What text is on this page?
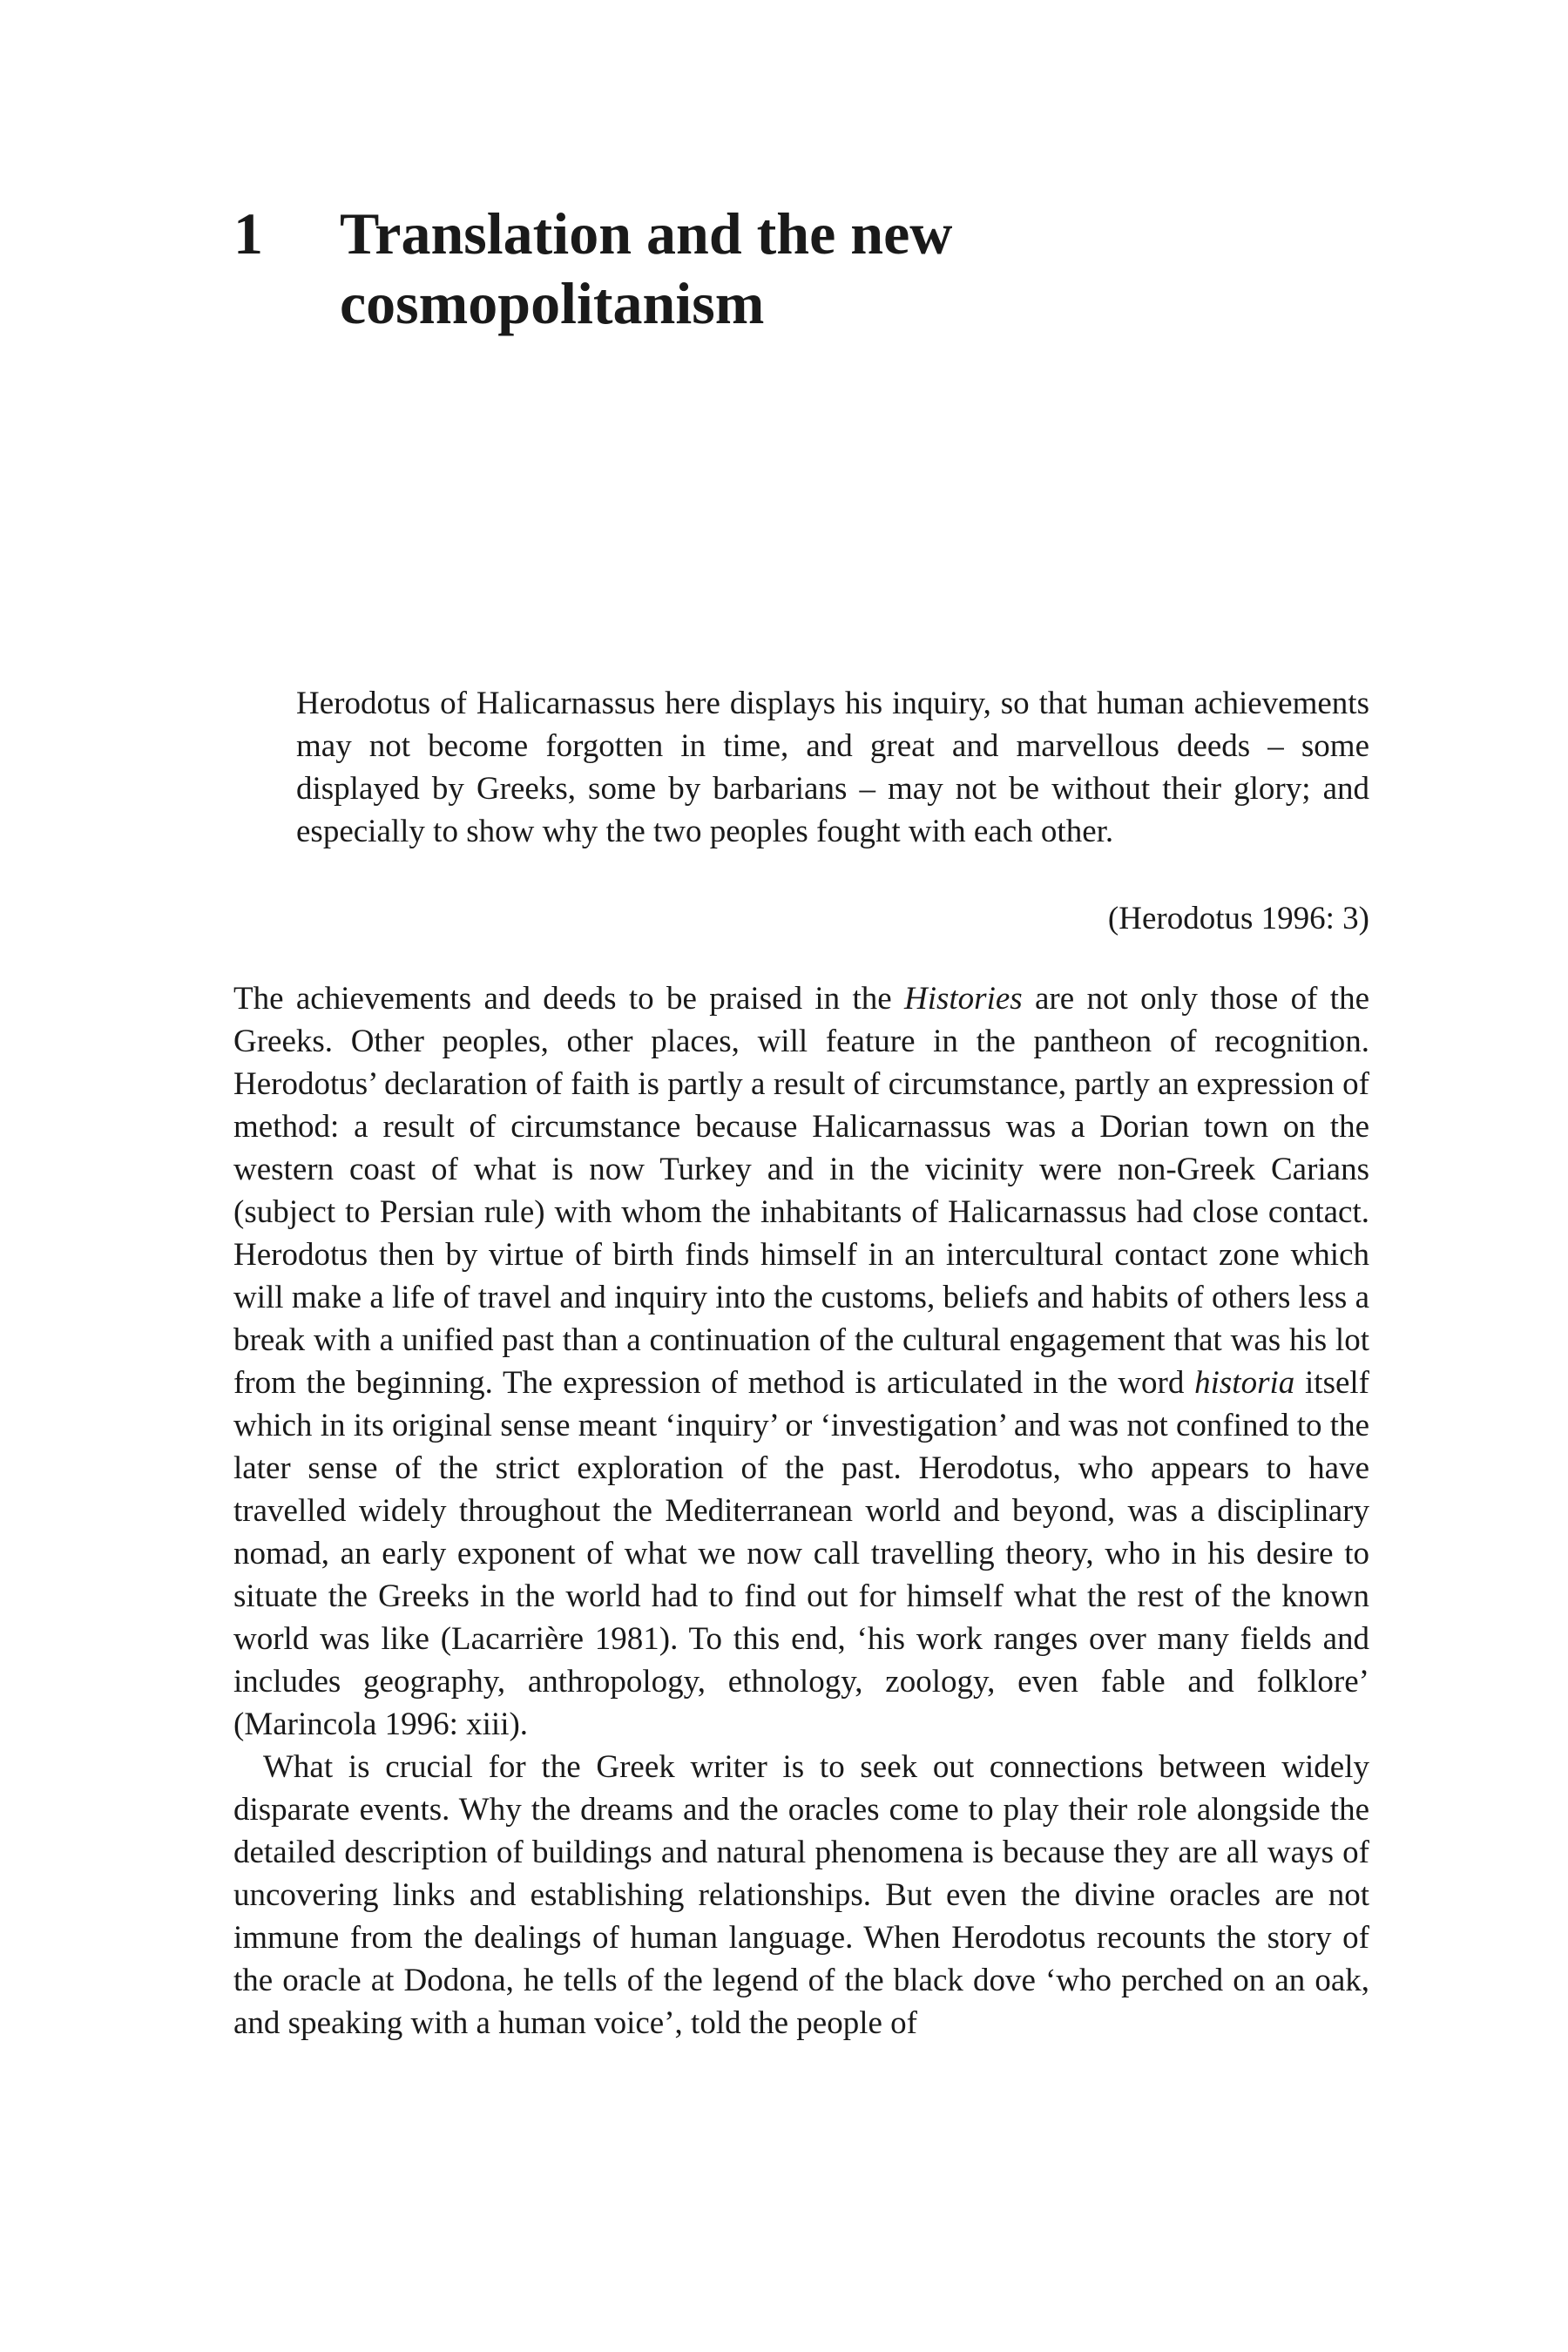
1	Translation and the new
cosmopolitanism
Herodotus of Halicarnassus here displays his inquiry, so that human achievements may not become forgotten in time, and great and marvellous deeds – some displayed by Greeks, some by barbarians – may not be without their glory; and especially to show why the two peoples fought with each other.
(Herodotus 1996: 3)

The achievements and deeds to be praised in the Histories are not only those of the Greeks. Other peoples, other places, will feature in the pantheon of recognition. Herodotus’ declaration of faith is partly a result of circumstance, partly an expression of method: a result of circumstance because Halicarnassus was a Dorian town on the western coast of what is now Turkey and in the vicinity were non-Greek Carians (subject to Persian rule) with whom the inhabitants of Halicarnassus had close contact. Herodotus then by virtue of birth finds himself in an intercultural contact zone which will make a life of travel and inquiry into the customs, beliefs and habits of others less a break with a unified past than a continuation of the cultural engagement that was his lot from the beginning. The expression of method is articulated in the word historia itself which in its original sense meant ‘inquiry’ or ‘investigation’ and was not confined to the later sense of the strict exploration of the past. Herodotus, who appears to have travelled widely throughout the Mediterranean world and beyond, was a disciplinary nomad, an early exponent of what we now call travelling theory, who in his desire to situate the Greeks in the world had to find out for himself what the rest of the known world was like (Lacarrière 1981). To this end, ‘his work ranges over many fields and includes geography, anthropology, ethnology, zoology, even fable and folklore’ (Marincola 1996: xiii).

What is crucial for the Greek writer is to seek out connections between widely disparate events. Why the dreams and the oracles come to play their role alongside the detailed description of buildings and natural phenomena is because they are all ways of uncovering links and establishing relationships. But even the divine oracles are not immune from the dealings of human language. When Herodotus recounts the story of the oracle at Dodona, he tells of the legend of the black dove ‘who perched on an oak, and speaking with a human voice’, told the people of
